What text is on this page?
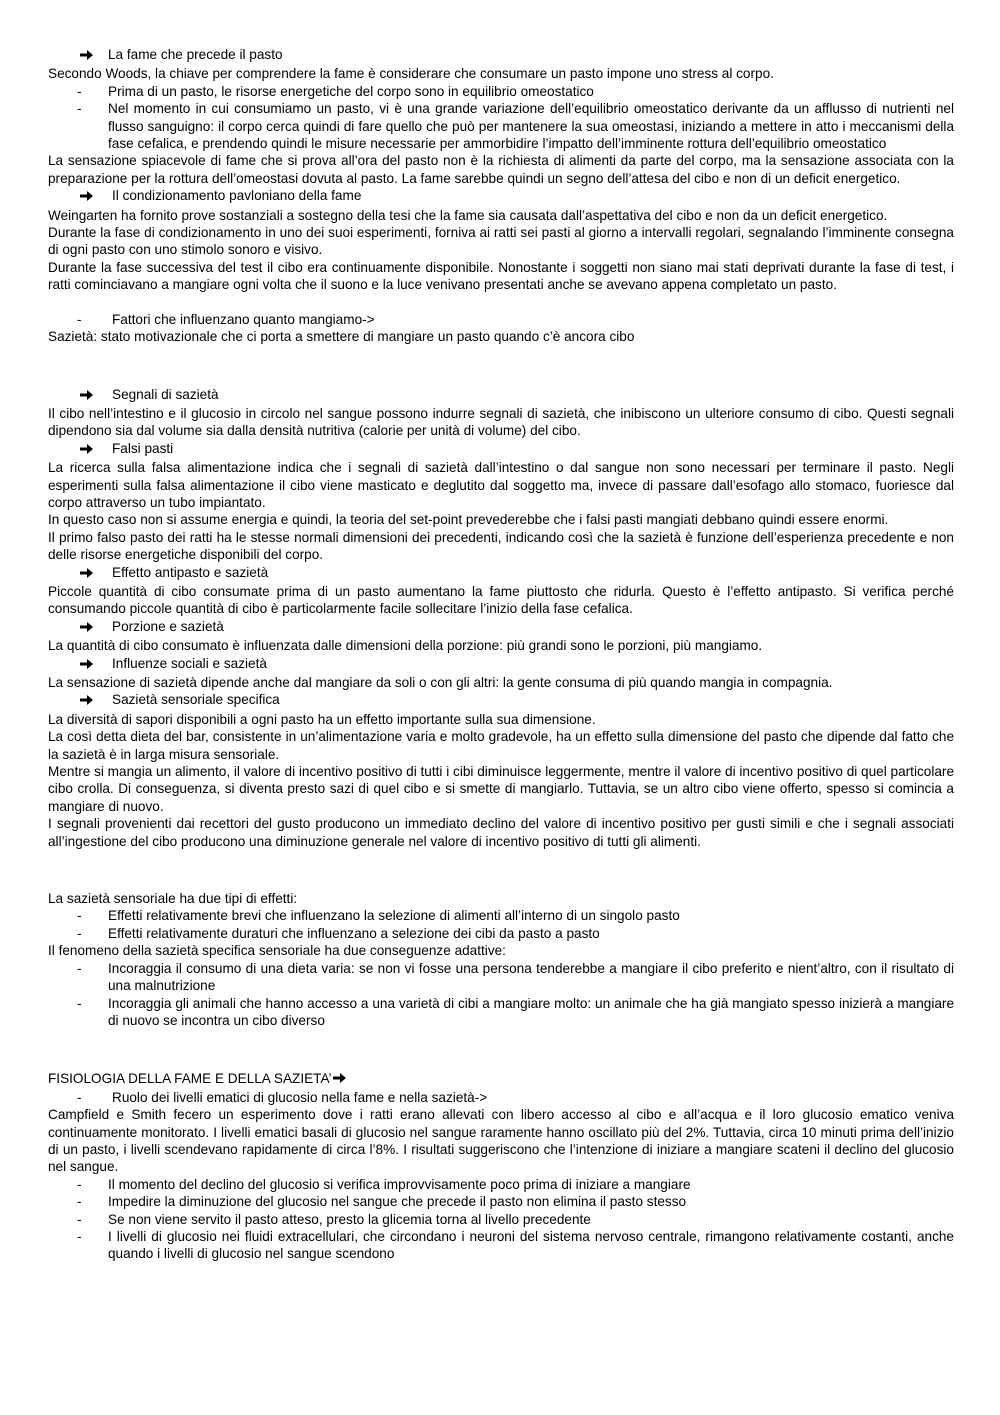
La fame che precede il pasto

Secondo Woods, la chiave per comprendere la fame è considerare che consumare un pasto impone uno stress al corpo.

-	Prima di un pasto, le risorse energetiche del corpo sono in equilibrio omeostatico
-	Nel momento in cui consumiamo un pasto, vi è una grande variazione dell’equilibrio omeostatico derivante da un afflusso di nutrienti nel flusso sanguigno: il corpo cerca quindi di fare quello che può per mantenere la sua omeostasi, iniziando a mettere in atto i meccanismi della fase cefalica, e prendendo quindi le misure necessarie per ammorbidire l’impatto dell’imminente rottura dell’equilibrio omeostatico

La sensazione spiacevole di fame che si prova all’ora del pasto non è la richiesta di alimenti da parte del corpo, ma la sensazione associata con la preparazione per la rottura dell’omeostasi dovuta al pasto. La fame sarebbe quindi un segno dell’attesa del cibo e non di un deficit energetico.

Il condizionamento pavloniano della fame

Weingarten ha fornito prove sostanziali a sostegno della tesi che la fame sia causata dall’aspettativa del cibo e non da un deficit energetico.

Durante la fase di condizionamento in uno dei suoi esperimenti, forniva ai ratti sei pasti al giorno a intervalli regolari, segnalando l’imminente consegna di ogni pasto con uno stimolo sonoro e visivo.

Durante la fase successiva del test il cibo era continuamente disponibile. Nonostante i soggetti non siano mai stati deprivati durante la fase di test, i ratti cominciavano a mangiare ogni volta che il suono e la luce venivano presentati anche se avevano appena completato un pasto.

-	Fattori che influenzano quanto mangiamo->

Sazietà: stato motivazionale che ci porta a smettere di mangiare un pasto quando c’è ancora cibo

Segnali di sazietà

Il cibo nell’intestino e il glucosio in circolo nel sangue possono indurre segnali di sazietà, che inibiscono un ulteriore consumo di cibo. Questi segnali dipendono sia dal volume sia dalla densità nutritiva (calorie per unità di volume) del cibo.

Falsi pasti

La ricerca sulla falsa alimentazione indica che i segnali di sazietà dall’intestino o dal sangue non sono necessari per terminare il pasto. Negli esperimenti sulla falsa alimentazione il cibo viene masticato e deglutito dal soggetto ma, invece di passare dall’esofago allo stomaco, fuoriesce dal corpo attraverso un tubo impiantato.

In questo caso non si assume energia e quindi, la teoria del set-point prevederebbe che i falsi pasti mangiati debbano quindi essere enormi.

Il primo falso pasto dei ratti ha le stesse normali dimensioni dei precedenti, indicando così che la sazietà è funzione dell’esperienza precedente e non delle risorse energetiche disponibili del corpo.

Effetto antipasto e sazietà

Piccole quantità di cibo consumate prima di un pasto aumentano la fame piuttosto che ridurla. Questo è l’effetto antipasto. Si verifica perché consumando piccole quantità di cibo è particolarmente facile sollecitare l’inizio della fase cefalica.

Porzione e sazietà

La quantità di cibo consumato è influenzata dalle dimensioni della porzione: più grandi sono le porzioni, più mangiamo.

Influenze sociali e sazietà

La sensazione di sazietà dipende anche dal mangiare da soli o con gli altri: la gente consuma di più quando mangia in compagnia.

Sazietà sensoriale specifica

La diversità di sapori disponibili a ogni pasto ha un effetto importante sulla sua dimensione.

La così detta dieta del bar, consistente in un’alimentazione varia e molto gradevole, ha un effetto sulla dimensione del pasto che dipende dal fatto che la sazietà è in larga misura sensoriale.

Mentre si mangia un alimento, il valore di incentivo positivo di tutti i cibi diminuisce leggermente, mentre il valore di incentivo positivo di quel particolare cibo crolla. Di conseguenza, si diventa presto sazi di quel cibo e si smette di mangiarlo. Tuttavia, se un altro cibo viene offerto, spesso si comincia a mangiare di nuovo.

I segnali provenienti dai recettori del gusto producono un immediato declino del valore di incentivo positivo per gusti simili e che i segnali associati all’ingestione del cibo producono una diminuzione generale nel valore di incentivo positivo di tutti gli alimenti.

La sazietà sensoriale ha due tipi di effetti:

-	Effetti relativamente brevi che influenzano la selezione di alimenti all’interno di un singolo pasto
-	Effetti relativamente duraturi che influenzano a selezione dei cibi da pasto a pasto

Il fenomeno della sazietà specifica sensoriale ha due conseguenze adattive:

-	Incoraggia il consumo di una dieta varia: se non vi fosse una persona tenderebbe a mangiare il cibo preferito e nient’altro, con il risultato di una malnutrizione
-	Incoraggia gli animali che hanno accesso a una varietà di cibi a mangiare molto: un animale che ha già mangiato spesso inizierà a mangiare di nuovo se incontra un cibo diverso
FISIOLOGIA DELLA FAME E DELLA SAZIETA’
-	Ruolo dei livelli ematici di glucosio nella fame e nella sazietà->

Campfield e Smith fecero un esperimento dove i ratti erano allevati con libero accesso al cibo e all’acqua e il loro glucosio ematico veniva continuamente monitorato. I livelli ematici basali di glucosio nel sangue raramente hanno oscillato più del 2%. Tuttavia, circa 10 minuti prima dell’inizio di un pasto, i livelli scendevano rapidamente di circa l’8%. I risultati suggeriscono che l’intenzione di iniziare a mangiare scateni il declino del glucosio nel sangue.

-	Il momento del declino del glucosio si verifica improvvisamente poco prima di iniziare a mangiare
-	Impedire la diminuzione del glucosio nel sangue che precede il pasto non elimina il pasto stesso
-	Se non viene servito il pasto atteso, presto la glicemia torna al livello precedente
-	I livelli di glucosio nei fluidi extracellulari, che circondano i neuroni del sistema nervoso centrale, rimangono relativamente costanti, anche quando i livelli di glucosio nel sangue scendono
